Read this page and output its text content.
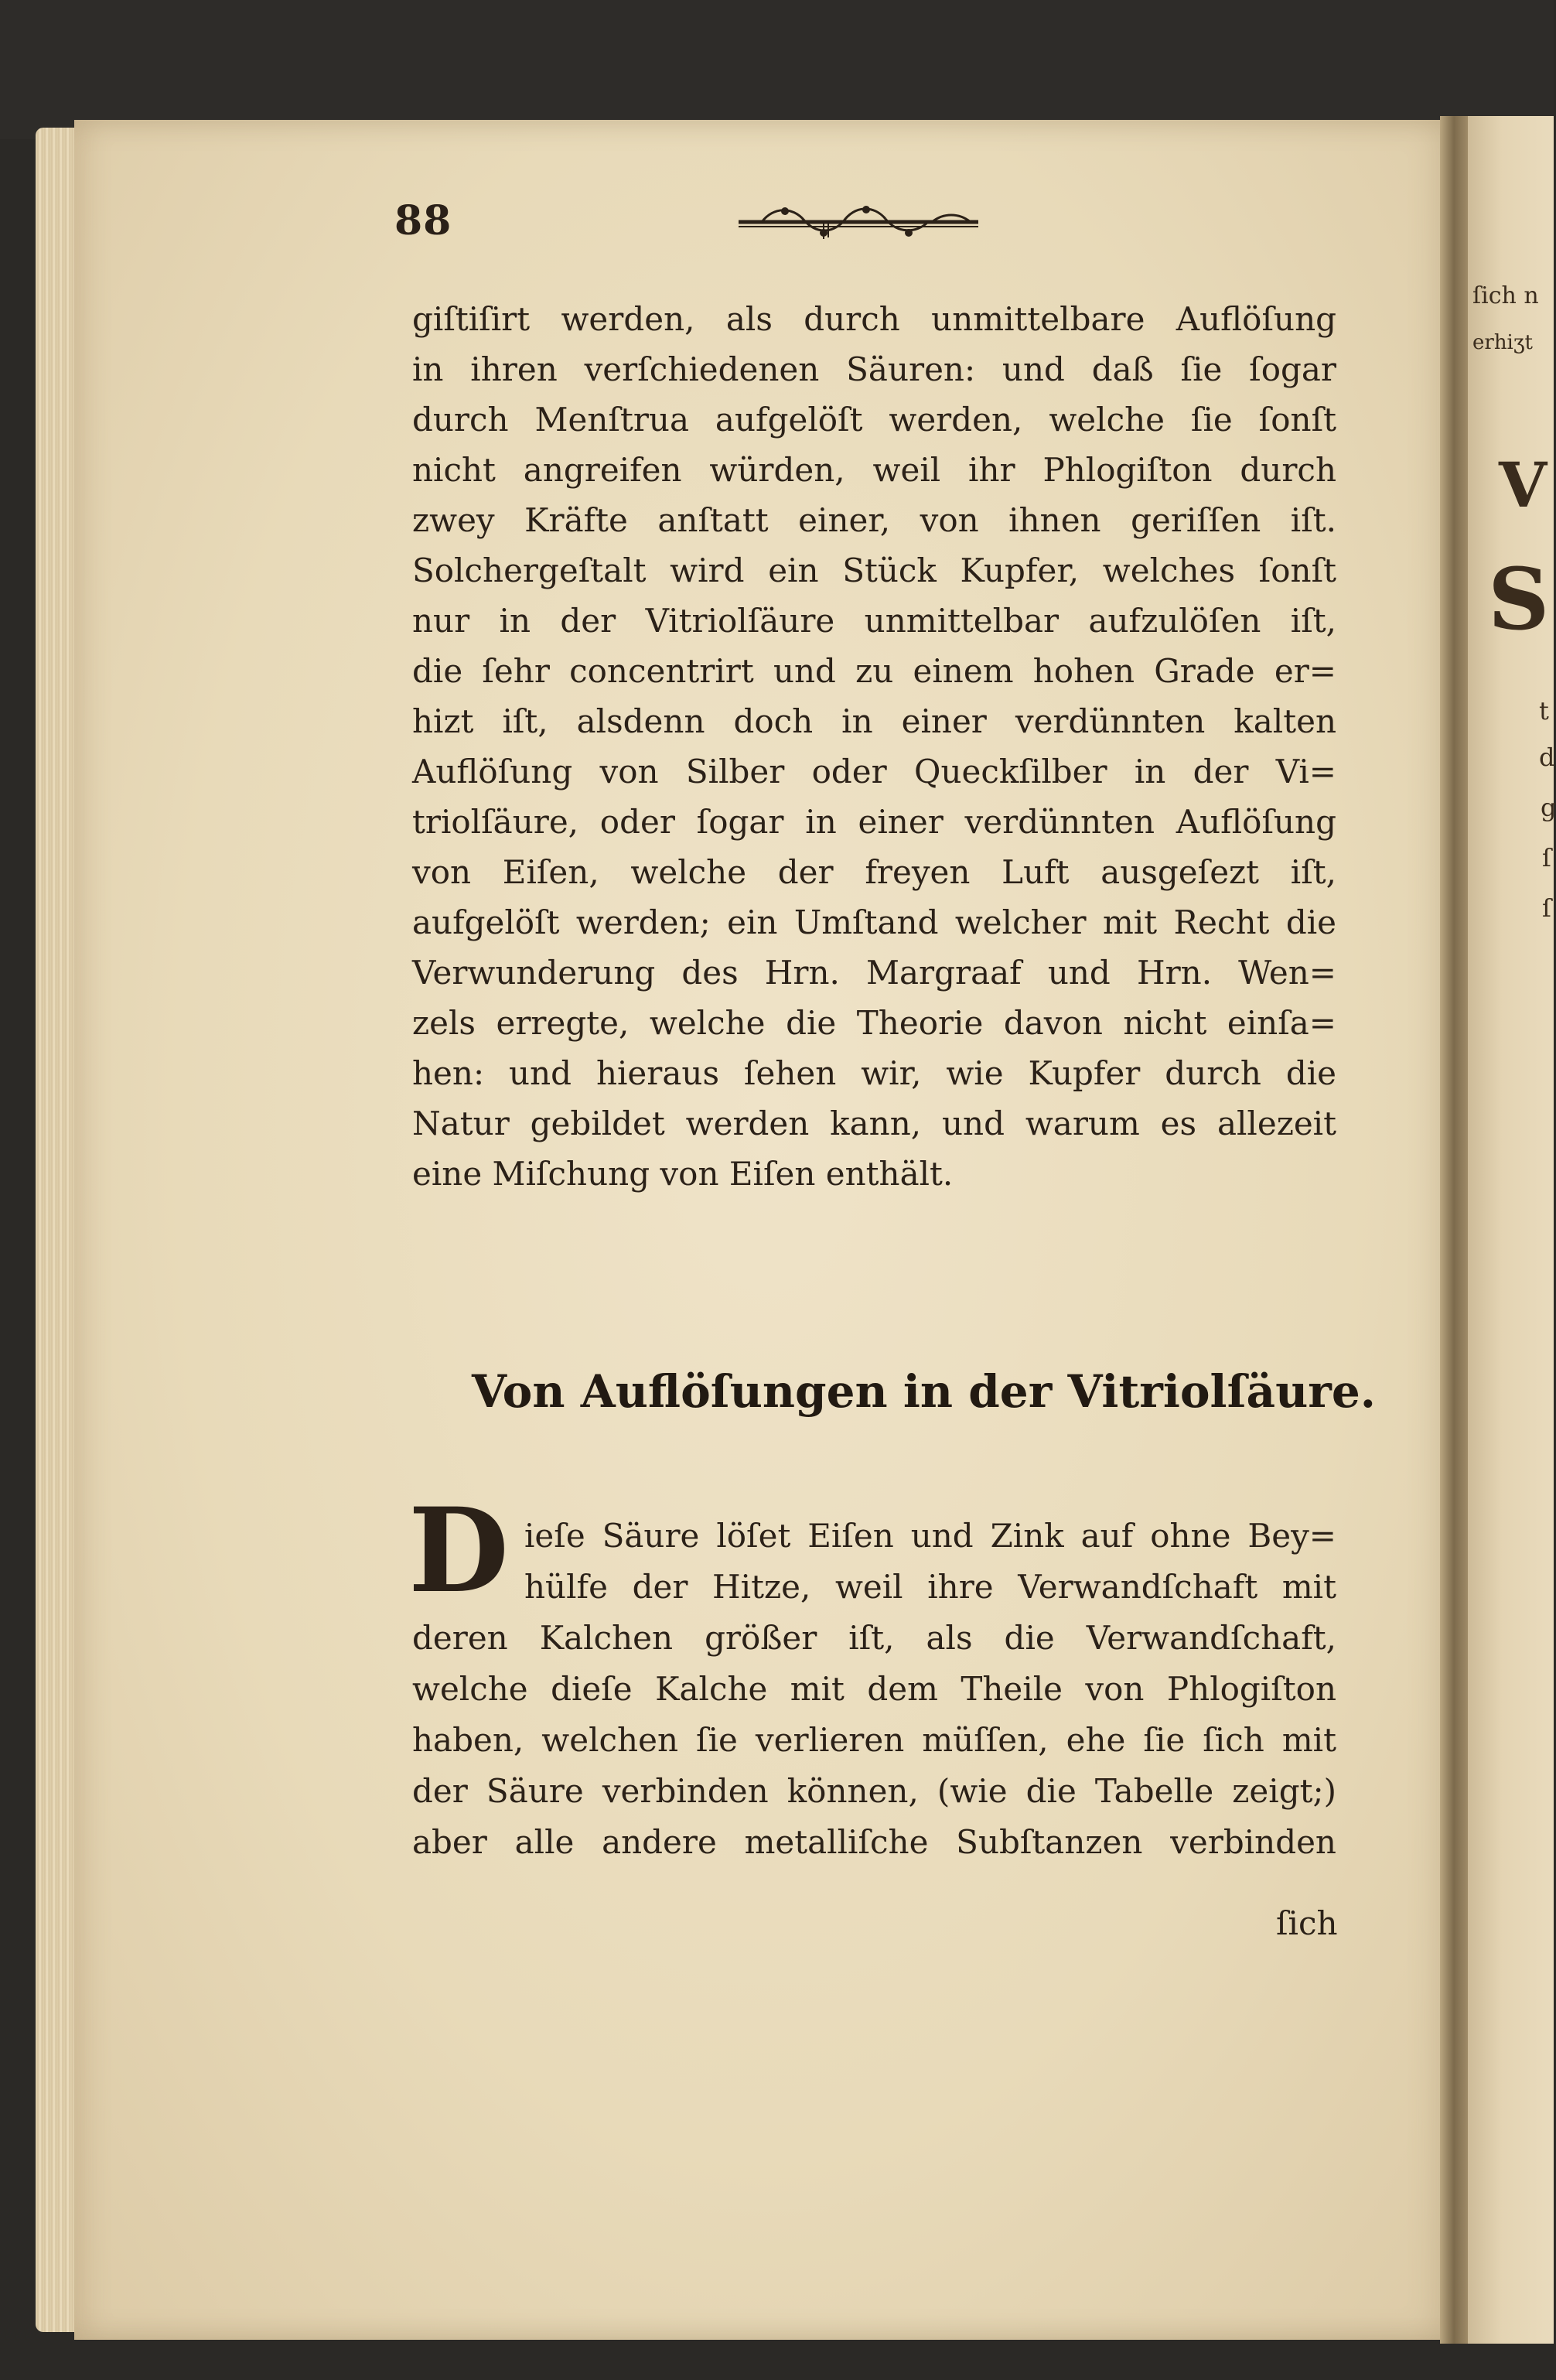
ſich n
erhiʒt
V
S
t
d
g
ſ
ſ
88
giſtiſirt werden, als durch unmittelbare Auflöſung
in ihren verſchiedenen Säuren: und daß ſie ſogar
durch Menſtrua aufgelöſt werden, welche ſie ſonſt
nicht angreifen würden, weil ihr Phlogiſton durch
zwey Kräfte anſtatt einer, von ihnen geriſſen iſt.
Solchergeſtalt wird ein Stück Kupfer, welches ſonſt
nur in der Vitriolſäure unmittelbar aufzulöſen iſt,
die ſehr concentrirt und zu einem hohen Grade er=
hizt iſt, alsdenn doch in einer verdünnten kalten
Auflöſung von Silber oder Queckſilber in der Vi=
triolſäure, oder ſogar in einer verdünnten Auflöſung
von Eiſen, welche der freyen Luft ausgeſezt iſt,
aufgelöſt werden; ein Umſtand welcher mit Recht die
Verwunderung des Hrn. Margraaf und Hrn. Wen=
zels erregte, welche die Theorie davon nicht einſa=
hen: und hieraus ſehen wir, wie Kupfer durch die
Natur gebildet werden kann, und warum es allezeit
eine Miſchung von Eiſen enthält.
Von Auflöſungen in der Vitriolſäure.
D ieſe Säure löſet Eiſen und Zink auf ohne Bey=
hülfe der Hitze, weil ihre Verwandſchaft mit
deren Kalchen größer iſt, als die Verwandſchaft,
welche dieſe Kalche mit dem Theile von Phlogiſton
haben, welchen ſie verlieren müſſen, ehe ſie ſich mit
der Säure verbinden können, (wie die Tabelle zeigt;)
aber alle andere metalliſche Subſtanzen verbinden
ſich
